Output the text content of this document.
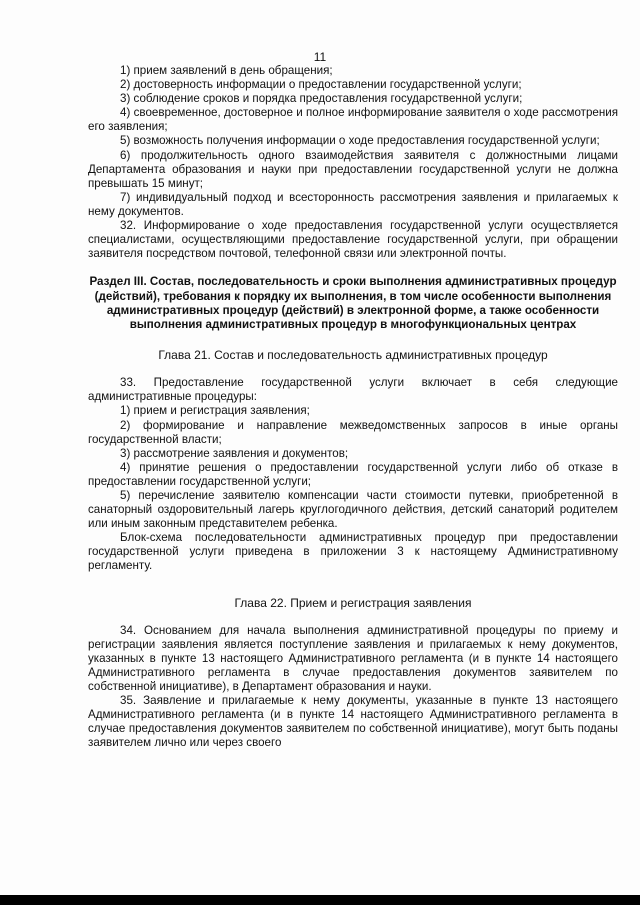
11

1) прием заявлений в день обращения;

2) достоверность информации о предоставлении государственной услуги;

3) соблюдение сроков и порядка предоставления государственной услуги;

4) своевременное, достоверное и полное информирование заявителя о ходе рассмотрения его заявления;

5) возможность получения информации о ходе предоставления государственной услуги;

6) продолжительность одного взаимодействия заявителя с должностными лицами Департамента образования и науки при предоставлении государственной услуги не должна превышать 15 минут;

7) индивидуальный подход и всесторонность рассмотрения заявления и прилагаемых к нему документов.

32. Информирование о ходе предоставления государственной услуги осуществляется специалистами, осуществляющими предоставление государственной услуги, при обращении заявителя посредством почтовой, телефонной связи или электронной почты.

Раздел III. Состав, последовательность и сроки выполнения административных процедур (действий), требования к порядку их выполнения, в том числе особенности выполнения административных процедур (действий) в электронной форме, а также особенности выполнения административных процедур в многофункциональных центрах
Глава 21. Состав и последовательность административных процедур

33. Предоставление государственной услуги включает в себя следующие административные процедуры:

1) прием и регистрация заявления;

2) формирование и направление межведомственных запросов в иные органы государственной власти;

3) рассмотрение заявления и документов;

4) принятие решения о предоставлении государственной услуги либо об отказе в предоставлении государственной услуги;

5) перечисление заявителю компенсации части стоимости путевки, приобретенной в санаторный оздоровительный лагерь круглогодичного действия, детский санаторий родителем или иным законным представителем ребенка.

Блок-схема последовательности административных процедур при предоставлении государственной услуги приведена в приложении 3 к настоящему Административному регламенту.

Глава 22. Прием и регистрация заявления

34. Основанием для начала выполнения административной процедуры по приему и регистрации заявления является поступление заявления и прилагаемых к нему документов, указанных в пункте 13 настоящего Административного регламента (и в пункте 14 настоящего Административного регламента в случае предоставления документов заявителем по собственной инициативе), в Департамент образования и науки.

35. Заявление и прилагаемые к нему документы, указанные в пункте 13 настоящего Административного регламента (и в пункте 14 настоящего Административного регламента в случае предоставления документов заявителем по собственной инициативе), могут быть поданы заявителем лично или через своего
